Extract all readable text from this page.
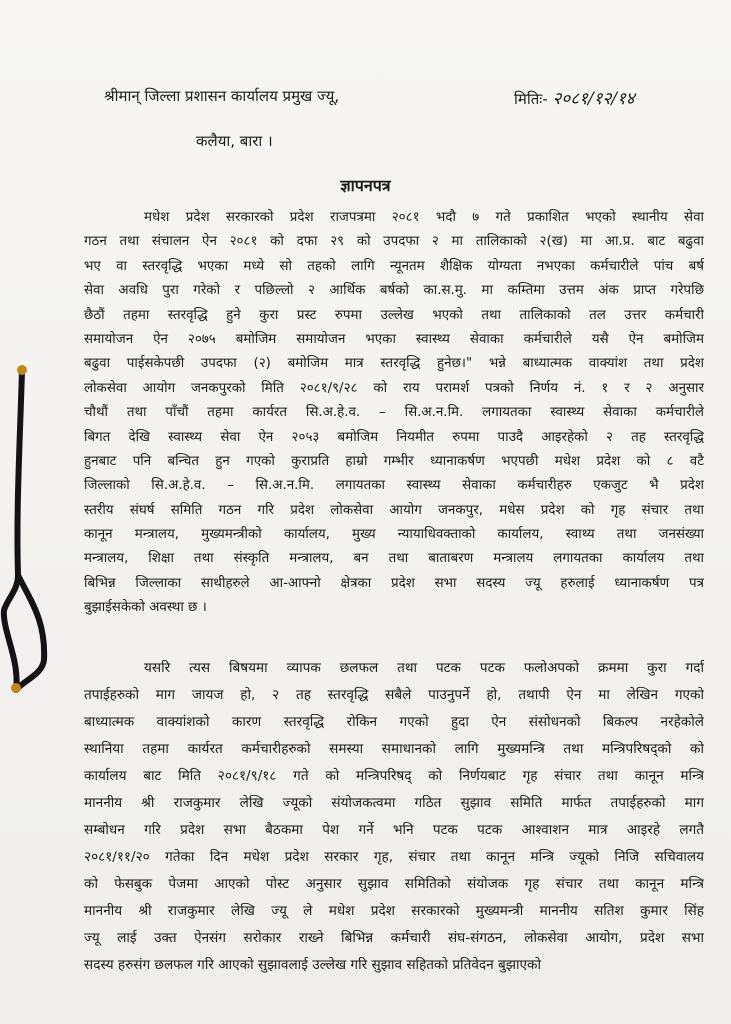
श्रीमान् जिल्ला प्रशासन कार्यालय प्रमुख ज्यू,	मितिः- २०८१/१२/१४
कलैया, बारा ।
ज्ञापनपत्र
मधेश प्रदेश सरकारको प्रदेश राजपत्रमा २०८१ भदौ ७ गते प्रकाशित भएको स्थानीय सेवा
गठन तथा संचालन ऐन २०८१ को दफा २९ को उपदफा २ मा तालिकाको २(ख) मा आ.प्र. बाट बढुवा
भए वा स्तरवृद्धि भएका मध्ये सो तहको लागि न्यूनतम शैक्षिक योग्यता नभएका कर्मचारीले पांच बर्ष
सेवा अवधि पुरा गरेको र पछिल्लो २ आर्थिक बर्षको का.स.मु. मा कम्तिमा उत्तम अंक प्राप्त गरेपछि
छैठौं तहमा स्तरवृद्धि हुने कुरा प्रस्ट रुपमा उल्लेख भएको तथा तालिकाको तल उत्तर कर्मचारी
समायोजन ऐन २०७५ बमोजिम समायोजन भएका स्वास्थ्य सेवाका कर्मचारीले यसै ऐन बमोजिम
बढुवा पाईसकेपछी उपदफा (२) बमोजिम मात्र स्तरवृद्धि हुनेछ।" भन्ने बाध्यात्मक वाक्यांश तथा प्रदेश
लोकसेवा आयोग जनकपुरको मिति २०८१/९/२८ को राय परामर्श पत्रको निर्णय नं. १ र २ अनुसार
चौथौं तथा पाँचौं तहमा कार्यरत सि.अ.हे.व. – सि.अ.न.मि. लगायतका स्वास्थ्य सेवाका कर्मचारीले
बिगत देखि स्वास्थ्य सेवा ऐन २०५३ बमोजिम नियमीत रुपमा पाउदै आइरहेको २ तह स्तरवृद्धि
हुनबाट पनि बन्चित हुन गएको कुराप्रति हाम्रो गम्भीर ध्यानाकर्षण भएपछी मधेश प्रदेश को ८ वटै
जिल्लाको सि.अ.हे.व. – सि.अ.न.मि. लगायतका स्वास्थ्य सेवाका कर्मचारीहरु एकजुट भै प्रदेश
स्तरीय संघर्ष समिति गठन गरि प्रदेश लोकसेवा आयोग जनकपुर, मधेस प्रदेश को गृह संचार तथा
कानून मन्त्रालय, मुख्यमन्त्रीको कार्यालय, मुख्य न्यायाधिवक्ताको कार्यालय, स्वाथ्य तथा जनसंख्या
मन्त्रालय, शिक्षा तथा संस्कृति मन्त्रालय, बन तथा बाताबरण मन्त्रालय लगायतका कार्यालय तथा
बिभिन्न जिल्लाका साथीहरुले आ-आफ्नो क्षेत्रका प्रदेश सभा सदस्य ज्यू हरुलाई ध्यानाकर्षण पत्र
बुझाईसकेको अवस्था छ ।
यसरि त्यस बिषयमा व्यापक छलफल तथा पटक पटक फलोअपको क्रममा कुरा गर्दा
तपाईहरुको माग जायज हो, २ तह स्तरवृद्धि सबैले पाउनुपर्ने हो, तथापी ऐन मा लेखिन गएको
बाध्यात्मक वाक्यांशको कारण स्तरवृद्धि रोकिन गएको हुदा ऐन संसोधनको बिकल्प नरहेकोले
स्थानिया तहमा कार्यरत कर्मचारीहरुको समस्या समाधानको लागि मुख्यमन्त्रि तथा मन्त्रिपरिषद्को को
कार्यालय बाट मिति २०८१/९/१८ गते को मन्त्रिपरिषद् को निर्णयबाट गृह संचार तथा कानून मन्त्रि
माननीय श्री राजकुमार लेखि ज्यूको संयोजकत्वमा गठित सुझाव समिति मार्फत तपाईहरुको माग
सम्बोधन गरि प्रदेश सभा बैठकमा पेश गर्ने भनि पटक पटक आश्वाशन मात्र आइरहे लगतै
२०८१/११/२० गतेका दिन मधेश प्रदेश सरकार गृह, संचार तथा कानून मन्त्रि ज्यूको निजि सचिवालय
को फेसबुक पेजमा आएको पोस्ट अनुसार सुझाव समितिको संयोजक गृह संचार तथा कानून मन्त्रि
माननीय श्री राजकुमार लेखि ज्यू ले मधेश प्रदेश सरकारको मुख्यमन्त्री माननीय सतिश कुमार सिंह
ज्यू लाई उक्त ऐनसंग सरोकार राख्ने बिभिन्न कर्मचारी संघ-संगठन, लोकसेवा आयोग, प्रदेश सभा
सदस्य हरुसंग छलफल गरि आएको सुझावलाई उल्लेख गरि सुझाव सहितको प्रतिवेदन बुझाएको
